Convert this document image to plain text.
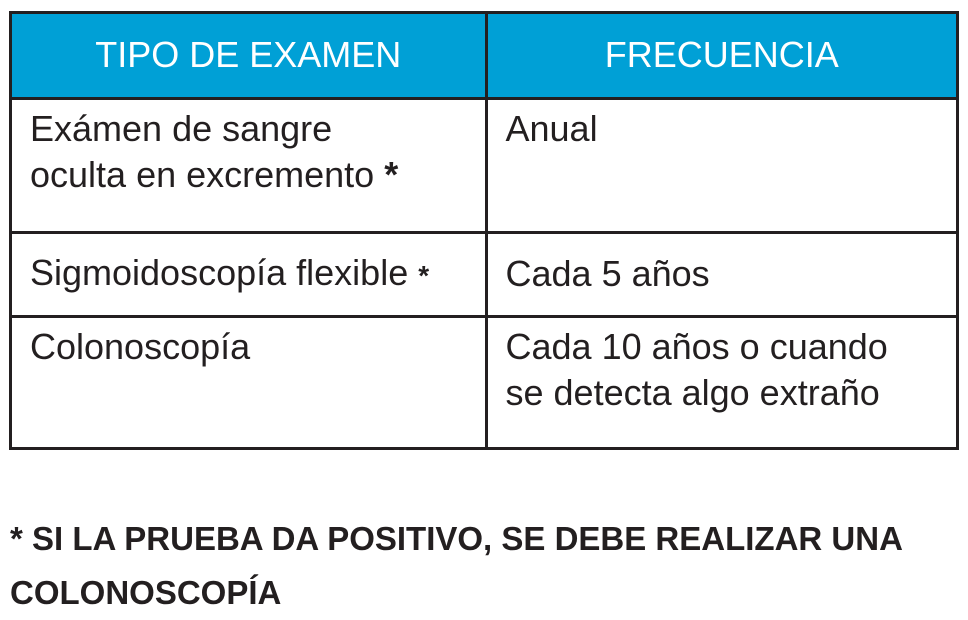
TIPO DE EXAMEN	FRECUENCIA
Exámen de sangre oculta en excremento *	Anual
Sigmoidoscopía flexible *	Cada 5 años
Colonoscopía	Cada 10 años o cuando se detecta algo extraño
* SI LA PRUEBA DA POSITIVO, SE DEBE REALIZAR UNA COLONOSCOPÍA
